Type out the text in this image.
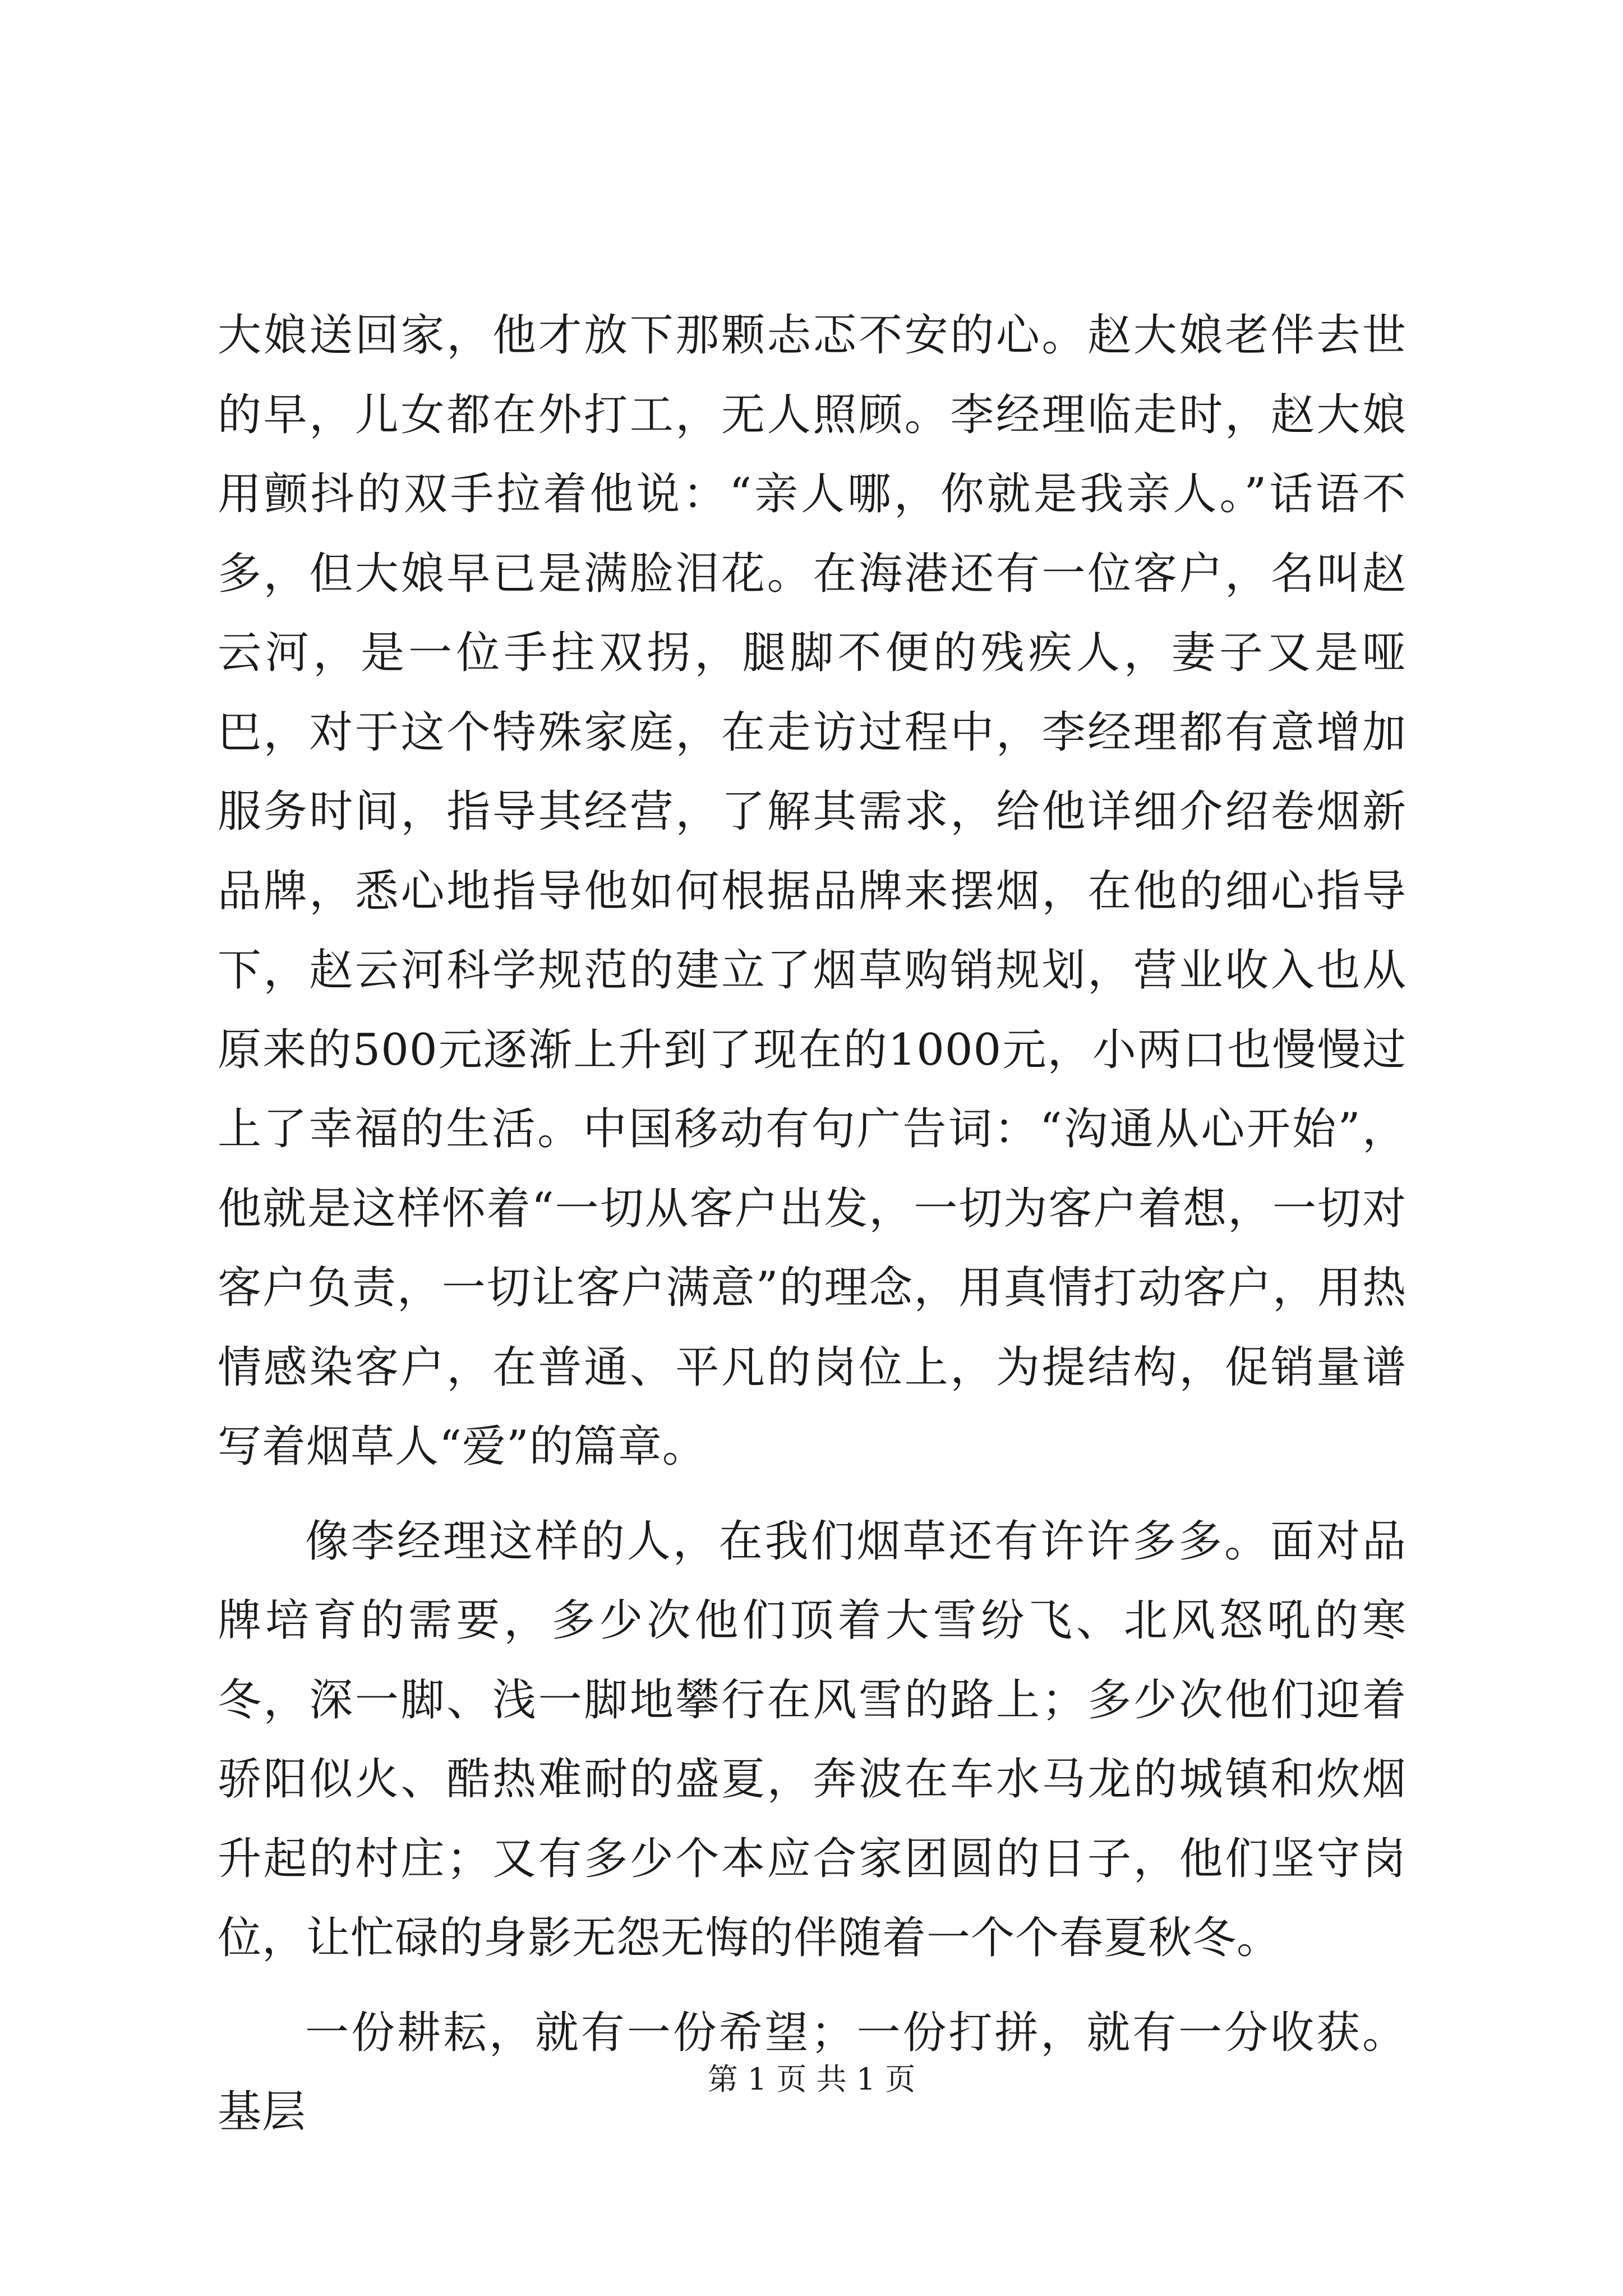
大娘送回家，他才放下那颗忐忑不安的心。赵大娘老伴去世的早，儿女都在外打工，无人照顾。李经理临走时，赵大娘用颤抖的双手拉着他说：“亲人哪，你就是我亲人。”话语不多，但大娘早已是满脸泪花。在海港还有一位客户，名叫赵云河，是一位手拄双拐，腿脚不便的残疾人，妻子又是哑巴，对于这个特殊家庭，在走访过程中，李经理都有意增加服务时间，指导其经营，了解其需求，给他详细介绍卷烟新品牌，悉心地指导他如何根据品牌来摆烟，在他的细心指导下，赵云河科学规范的建立了烟草购销规划，营业收入也从原来的500元逐渐上升到了现在的1000元，小两口也慢慢过上了幸福的生活。中国移动有句广告词：“沟通从心开始”，他就是这样怀着“一切从客户出发，一切为客户着想，一切对客户负责，一切让客户满意”的理念，用真情打动客户，用热情感染客户，在普通、平凡的岗位上，为提结构，促销量谱写着烟草人“爱”的篇章。

像李经理这样的人，在我们烟草还有许许多多。面对品牌培育的需要，多少次他们顶着大雪纷飞、北风怒吼的寒冬，深一脚、浅一脚地攀行在风雪的路上；多少次他们迎着骄阳似火、酷热难耐的盛夏，奔波在车水马龙的城镇和炊烟升起的村庄；又有多少个本应合家团圆的日子，他们坚守岗位，让忙碌的身影无怨无悔的伴随着一个个春夏秋冬。

一份耕耘，就有一份希望；一份打拼，就有一分收获。基层

第 1 页 共 1 页
